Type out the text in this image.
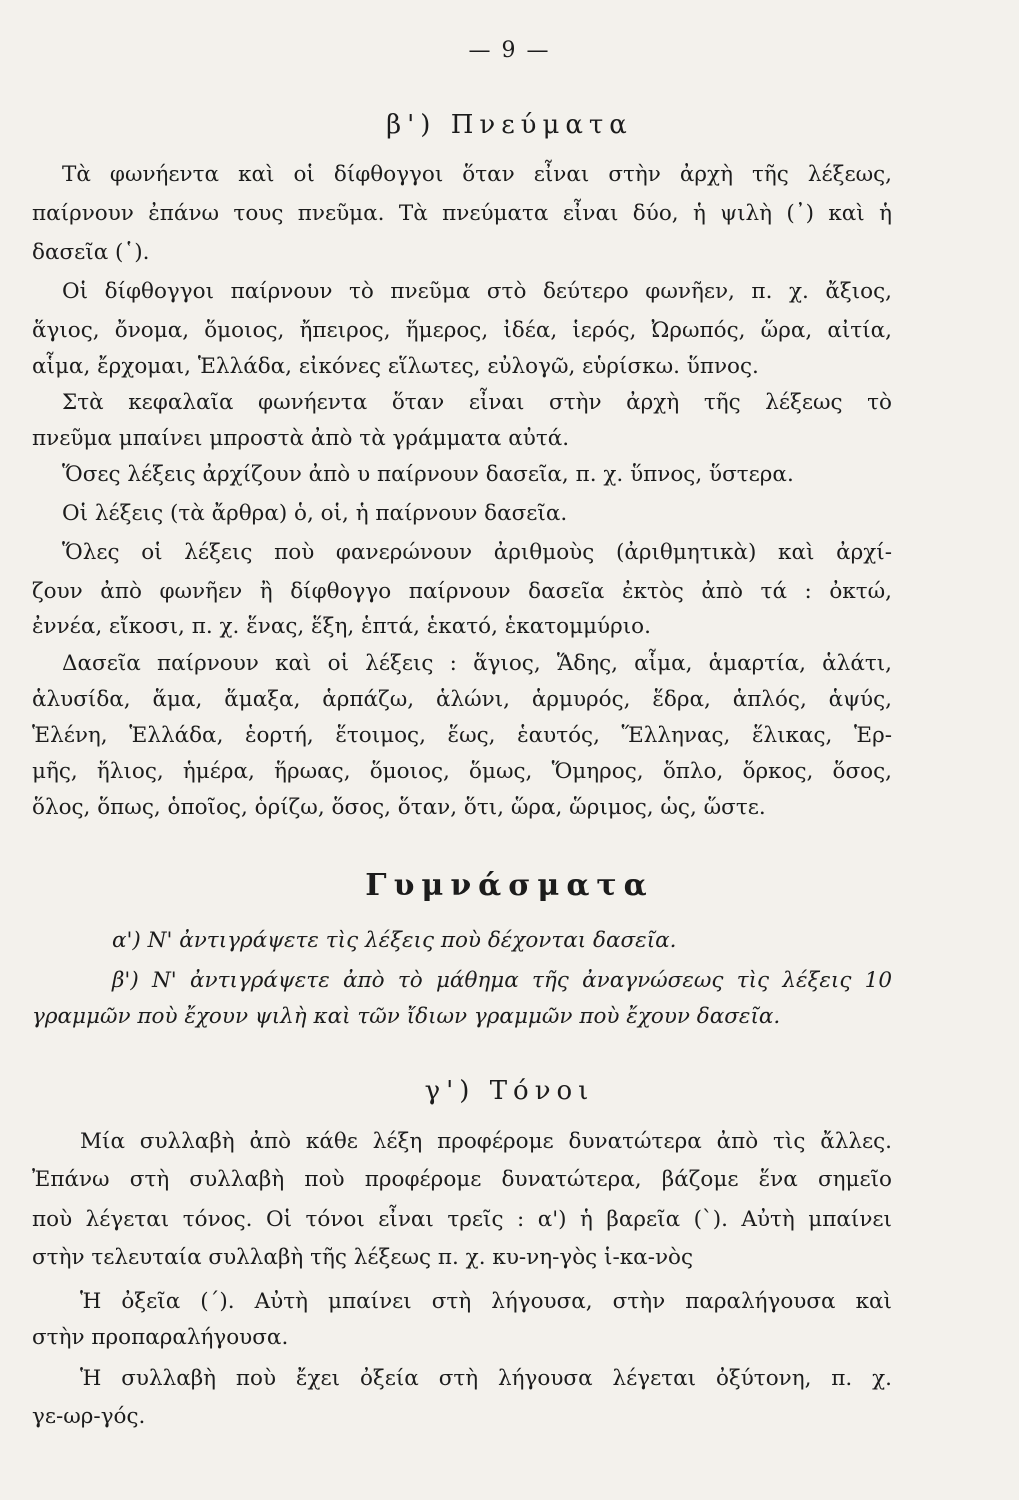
— 9 —
β') Πνεύματα
Τὰ φωνήεντα καὶ οἱ δίφθογγοι ὅταν εἶναι στὴν ἀρχὴ τῆς λέξεως,
παίρνουν ἐπάνω τους πνεῦμα. Τὰ πνεύματα εἶναι δύο, ἡ ψιλὴ (᾿) καὶ ἡ
δασεῖα (῾).
Οἱ δίφθογγοι παίρνουν τὸ πνεῦμα στὸ δεύτερο φωνῆεν, π. χ. ἄξιος,
ἅγιος, ὄνομα, ὅμοιος, ἤπειρος, ἥμερος, ἰδέα, ἱερός, Ὠρωπός, ὥρα, αἰτία,
αἷμα, ἔρχομαι, Ἑλλάδα, εἰκόνες εἵλωτες, εὐλογῶ, εὑρίσκω. ὕπνος.
Στὰ κεφαλαῖα φωνήεντα ὅταν εἶναι στὴν ἀρχὴ τῆς λέξεως τὸ
πνεῦμα μπαίνει μπροστὰ ἀπὸ τὰ γράμματα αὐτά.
Ὅσες λέξεις ἀρχίζουν ἀπὸ υ παίρνουν δασεῖα, π. χ. ὕπνος, ὕστερα.
Οἱ λέξεις (τὰ ἄρθρα) ὁ, οἱ, ἡ παίρνουν δασεῖα.
Ὅλες οἱ λέξεις ποὺ φανερώνουν ἀριθμοὺς (ἀριθμητικὰ) καὶ ἀρχί-
ζουν ἀπὸ φωνῆεν ἢ δίφθογγο παίρνουν δασεῖα ἐκτὸς ἀπὸ τά : ὀκτώ,
ἐννέα, εἴκοσι, π. χ. ἕνας, ἕξη, ἑπτά, ἑκατό, ἑκατομμύριο.
Δασεῖα παίρνουν καὶ οἱ λέξεις : ἅγιος, Ἅδης, αἷμα, ἁμαρτία, ἁλάτι,
ἁλυσίδα, ἅμα, ἅμαξα, ἁρπάζω, ἁλώνι, ἁρμυρός, ἕδρα, ἁπλός, ἁψύς,
Ἑλένη, Ἑλλάδα, ἑορτή, ἕτοιμος, ἕως, ἑαυτός, Ἕλληνας, ἕλικας, Ἑρ-
μῆς, ἥλιος, ἡμέρα, ἥρωας, ὅμοιος, ὅμως, Ὅμηρος, ὅπλο, ὅρκος, ὅσος,
ὅλος, ὅπως, ὁποῖος, ὁρίζω, ὅσος, ὅταν, ὅτι, ὥρα, ὥριμος, ὡς, ὥστε.
Γυμνάσματα
α') Ν' ἀντιγράψετε τὶς λέξεις ποὺ δέχονται δασεῖα.
β') Ν' ἀντιγράψετε ἀπὸ τὸ μάθημα τῆς ἀναγνώσεως τὶς λέξεις 10
γραμμῶν ποὺ ἔχουν ψιλὴ καὶ τῶν ἴδιων γραμμῶν ποὺ ἔχουν δασεῖα.
γ') Τόνοι
Μία συλλαβὴ ἀπὸ κάθε λέξη προφέρομε δυνατώτερα ἀπὸ τὶς ἄλλες.
Ἐπάνω στὴ συλλαβὴ ποὺ προφέρομε δυνατώτερα, βάζομε ἕνα σημεῖο
ποὺ λέγεται τόνος. Οἱ τόνοι εἶναι τρεῖς : α') ἡ βαρεῖα (`). Αὐτὴ μπαίνει
στὴν τελευταία συλλαβὴ τῆς λέξεως π. χ. κυ-νη-γὸς ἱ-κα-νὸς
Ἡ ὀξεῖα (΄). Αὐτὴ μπαίνει στὴ λήγουσα, στὴν παραλήγουσα καὶ
στὴν προπαραλήγουσα.
Ἡ συλλαβὴ ποὺ ἔχει ὀξεία στὴ λήγουσα λέγεται ὀξύτονη, π. χ.
γε-ωρ-γός.
